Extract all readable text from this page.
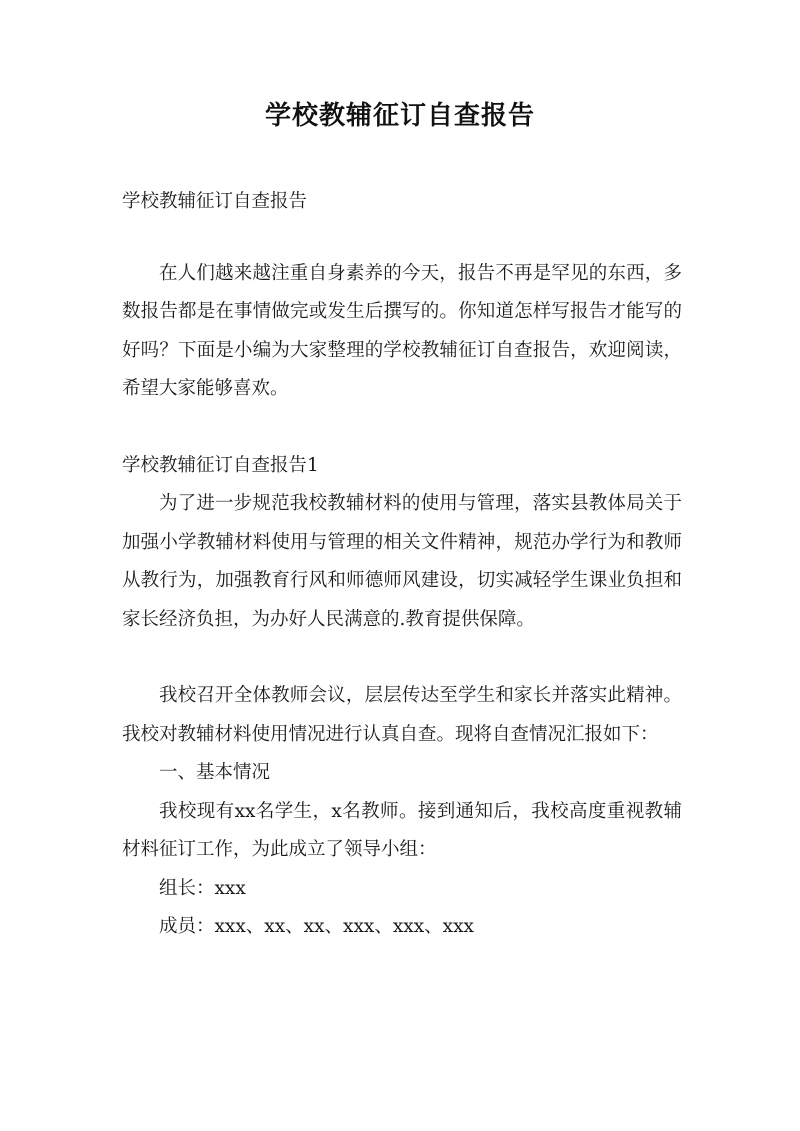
学校教辅征订自查报告

学校教辅征订自查报告

在人们越来越注重自身素养的今天，报告不再是罕见的东西，多数报告都是在事情做完或发生后撰写的。你知道怎样写报告才能写的好吗？下面是小编为大家整理的学校教辅征订自查报告，欢迎阅读，希望大家能够喜欢。

学校教辅征订自查报告1

为了进一步规范我校教辅材料的使用与管理，落实县教体局关于加强小学教辅材料使用与管理的相关文件精神，规范办学行为和教师从教行为，加强教育行风和师德师风建设，切实减轻学生课业负担和家长经济负担，为办好人民满意的.教育提供保障。

我校召开全体教师会议，层层传达至学生和家长并落实此精神。我校对教辅材料使用情况进行认真自查。现将自查情况汇报如下：

一、基本情况

我校现有xx名学生，x名教师。接到通知后，我校高度重视教辅材料征订工作，为此成立了领导小组：

组长：xxx

成员：xxx、xx、xx、xxx、xxx、xxx
